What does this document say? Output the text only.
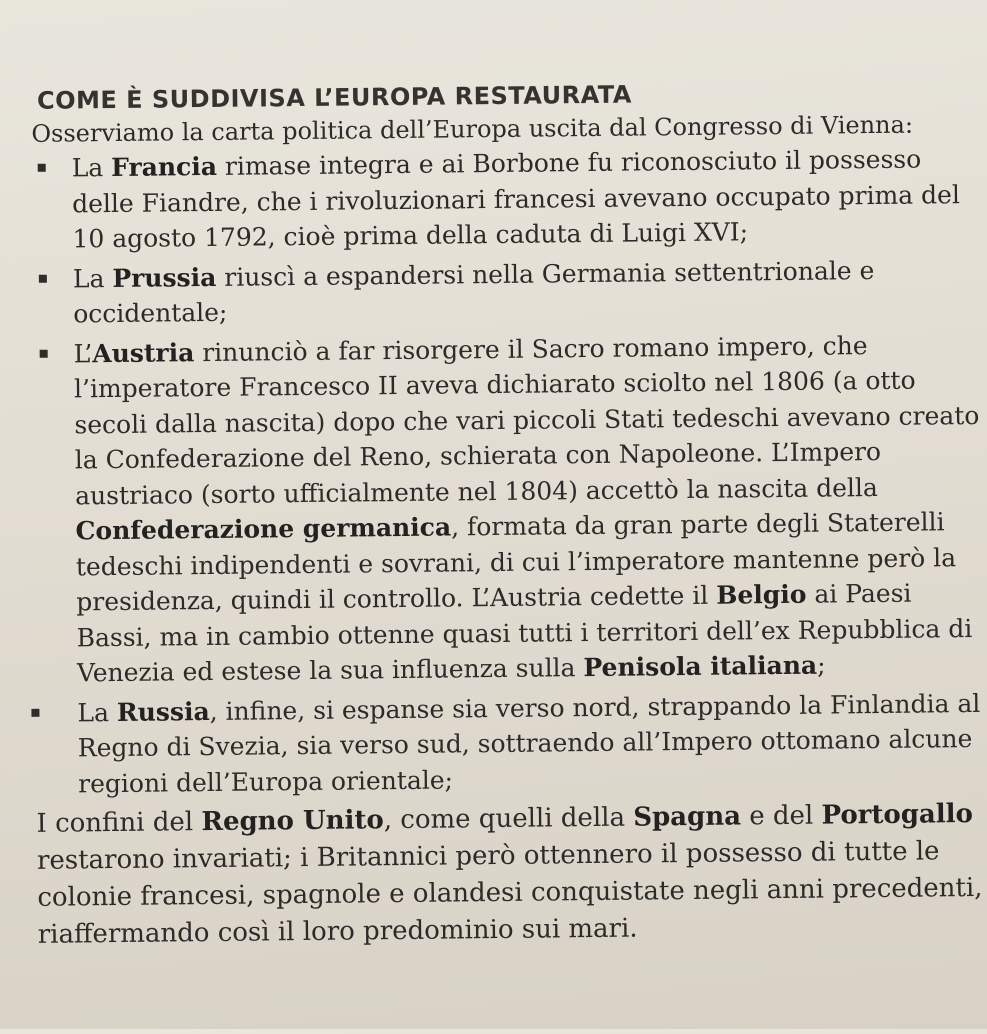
COME È SUDDIVISA L’EUROPA RESTAURATA

Osserviamo la carta politica dell’Europa uscita dal Congresso di Vienna:

La Francia rimase integra e ai Borbone fu riconosciuto il possesso delle Fiandre, che i rivoluzionari francesi avevano occupato prima del 10 agosto 1792, cioè prima della caduta di Luigi XVI;
La Prussia riuscì a espandersi nella Germania settentrionale e occidentale;
L’Austria rinunciò a far risorgere il Sacro romano impero, che l’imperatore Francesco II aveva dichiarato sciolto nel 1806 (a otto secoli dalla nascita) dopo che vari piccoli Stati tedeschi avevano creato la Confederazione del Reno, schierata con Napoleone. L’Impero austriaco (sorto ufficialmente nel 1804) accettò la nascita della Confederazione germanica, formata da gran parte degli Staterelli tedeschi indipendenti e sovrani, di cui l’imperatore mantenne però la presidenza, quindi il controllo. L’Austria cedette il Belgio ai Paesi Bassi, ma in cambio ottenne quasi tutti i territori dell’ex Repubblica di Venezia ed estese la sua influenza sulla Penisola italiana;
La Russia, infine, si espanse sia verso nord, strappando la Finlandia al Regno di Svezia, sia verso sud, sottraendo all’Impero ottomano alcune regioni dell’Europa orientale;

I confini del Regno Unito, come quelli della Spagna e del Portogallo restarono invariati; i Britannici però ottennero il possesso di tutte le colonie francesi, spagnole e olandesi conquistate negli anni precedenti, riaffermando così il loro predominio sui mari.
